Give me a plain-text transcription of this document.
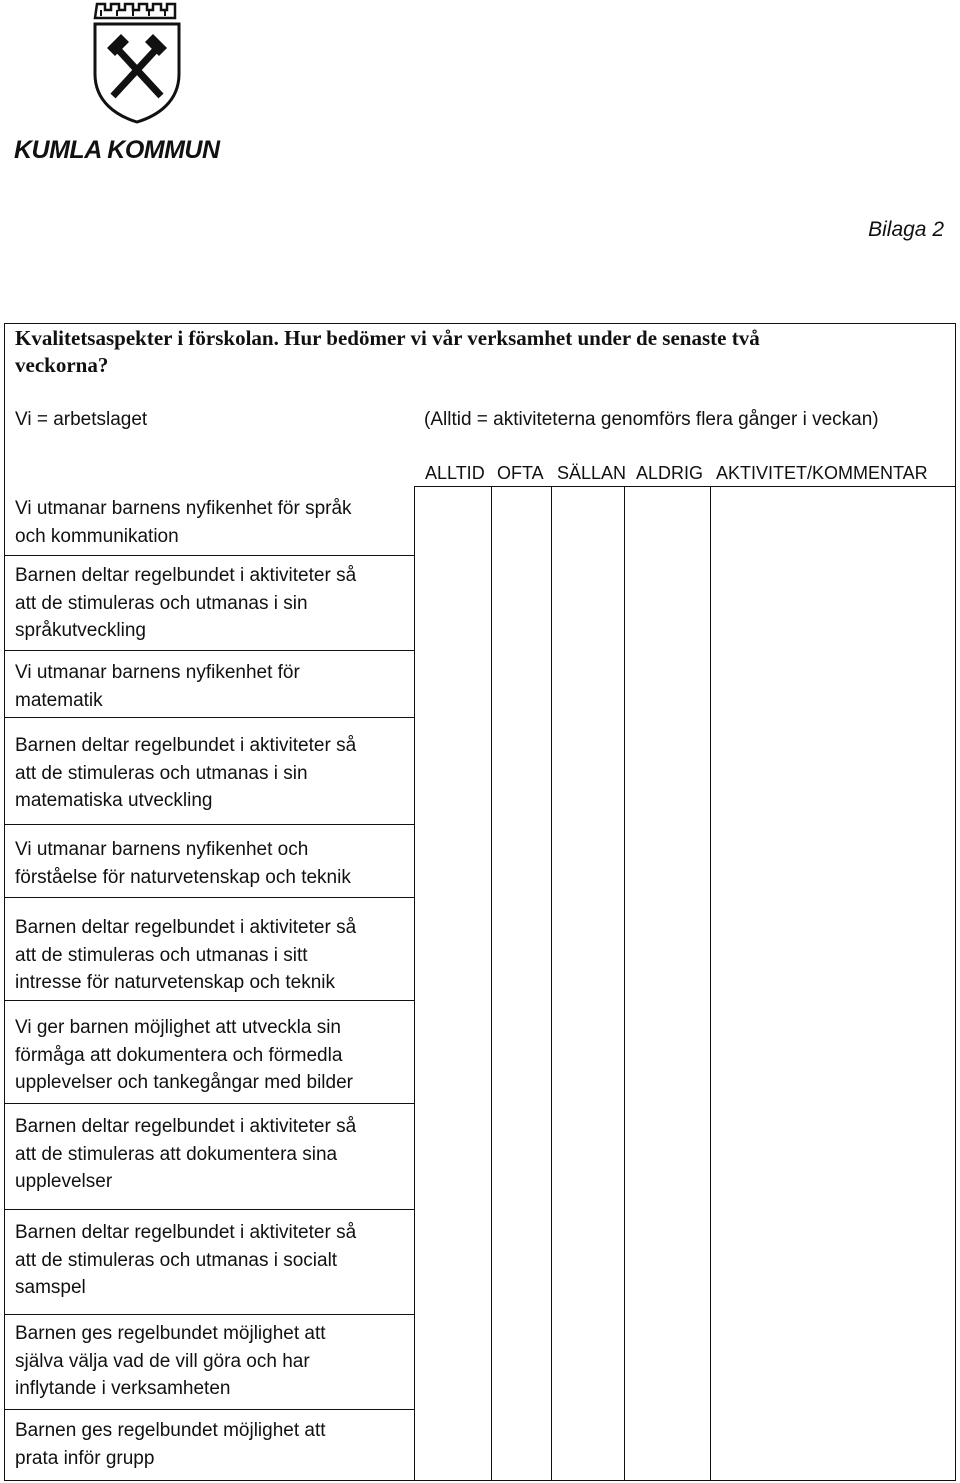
KUMLA KOMMUN
Bilaga 2
Kvalitetsaspekter i förskolan. Hur bedömer vi vår verksamhet under de senaste två
veckorna?
Vi = arbetslaget	(Alltid = aktiviteterna genomförs flera gånger i veckan)
ALLTID OFTA SÄLLAN ALDRIG AKTIVITET/KOMMENTAR
Vi utmanar barnens nyfikenhet för språk
och kommunikation
Barnen deltar regelbundet i aktiviteter så
att de stimuleras och utmanas i sin
språkutveckling
Vi utmanar barnens nyfikenhet för
matematik
Barnen deltar regelbundet i aktiviteter så
att de stimuleras och utmanas i sin
matematiska utveckling
Vi utmanar barnens nyfikenhet och
förståelse för naturvetenskap och teknik
Barnen deltar regelbundet i aktiviteter så
att de stimuleras och utmanas i sitt
intresse för naturvetenskap och teknik
Vi ger barnen möjlighet att utveckla sin
förmåga att dokumentera och förmedla
upplevelser och tankegångar med bilder
Barnen deltar regelbundet i aktiviteter så
att de stimuleras att dokumentera sina
upplevelser
Barnen deltar regelbundet i aktiviteter så
att de stimuleras och utmanas i socialt
samspel
Barnen ges regelbundet möjlighet att
själva välja vad de vill göra och har
inflytande i verksamheten
Barnen ges regelbundet möjlighet att
prata inför grupp
